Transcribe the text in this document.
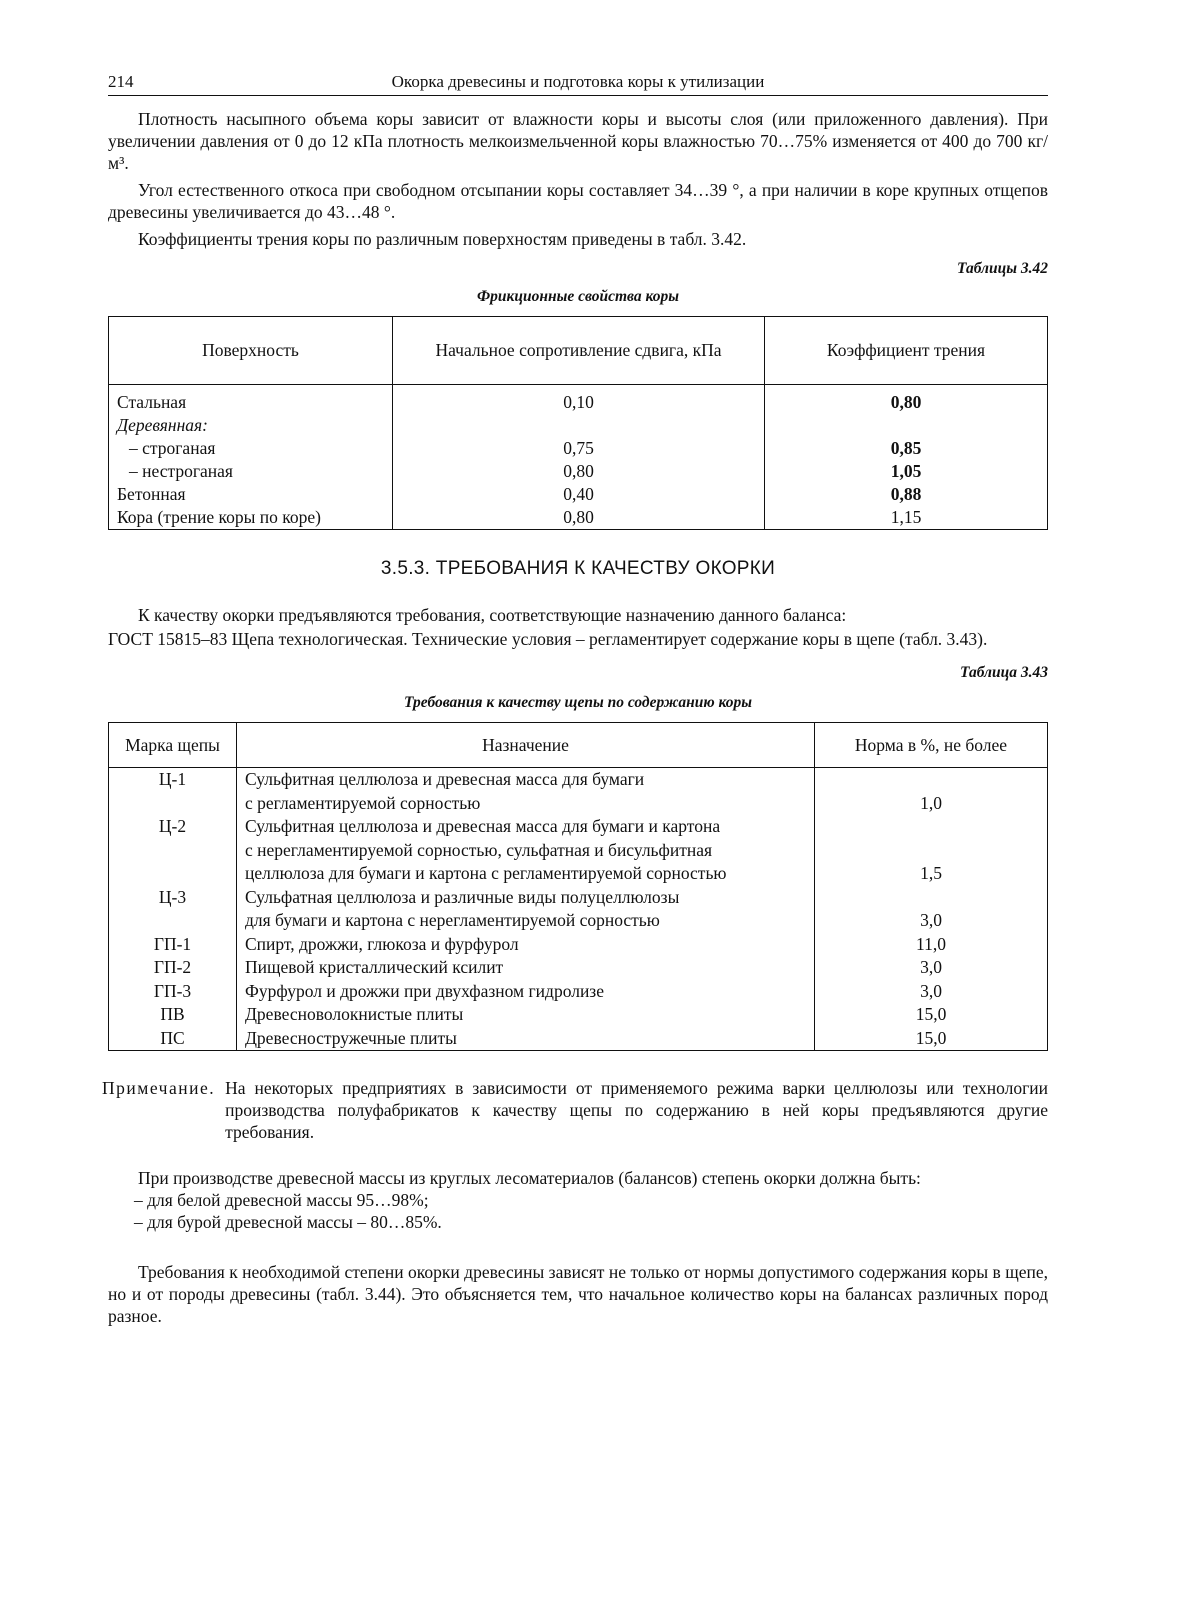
214	Окорка древесины и подготовка коры к утилизации

Плотность насыпного объема коры зависит от влажности коры и высоты слоя (или приложенного давления). При увеличении давления от 0 до 12 кПа плотность мелкоизмельченной коры влажностью 70…75% изменяется от 400 до 700 кг/м³.

Угол естественного откоса при свободном отсыпании коры составляет 34…39 °, а при наличии в коре крупных отщепов древесины увеличивается до 43…48 °.

Коэффициенты трения коры по различным поверхностям приведены в табл. 3.42.

Таблицы 3.42
Фрикционные свойства коры
Поверхность	Начальное сопротивление сдвига, кПа	Коэффициент трения

Стальная	0,10	0,80
Деревянная:		
– строганая	0,75	0,85
– нестроганая	0,80	1,05
Бетонная	0,40	0,88
Кора (трение коры по коре)	0,80	1,15
3.5.3. ТРЕБОВАНИЯ К КАЧЕСТВУ ОКОРКИ

К качеству окорки предъявляются требования, соответствующие назначению данного баланса:

ГОСТ 15815–83 Щепа технологическая. Технические условия – регламентирует содержание коры в щепе (табл. 3.43).

Таблица 3.43
Требования к качеству щепы по содержанию коры
Марка щепы	Назначение	Норма в %, не более
Ц-1	Сульфитная целлюлоза и древесная масса для бумаги	
	с регламентируемой сорностью	1,0
Ц-2	Сульфитная целлюлоза и древесная масса для бумаги и картона	
	с нерегламентируемой сорностью, сульфатная и бисульфитная	
	целлюлоза для бумаги и картона с регламентируемой сорностью	1,5
Ц-3	Сульфатная целлюлоза и различные виды полуцеллюлозы	
	для бумаги и картона с нерегламентируемой сорностью	3,0
ГП-1	Спирт, дрожжи, глюкоза и фурфурол	11,0
ГП-2	Пищевой кристаллический ксилит	3,0
ГП-3	Фурфурол и дрожжи при двухфазном гидролизе	3,0
ПВ	Древесноволокнистые плиты	15,0
ПС	Древесностружечные плиты	15,0
Примечание. На некоторых предприятиях в зависимости от применяемого режима варки целлюлозы или технологии производства полуфабрикатов к качеству щепы по содержанию в ней коры предъявляются другие требования.

При производстве древесной массы из круглых лесоматериалов (балансов) степень окорки должна быть:

– для белой древесной массы 95…98%;

– для бурой древесной массы – 80…85%.

Требования к необходимой степени окорки древесины зависят не только от нормы допустимого содержания коры в щепе, но и от породы древесины (табл. 3.44). Это объясняется тем, что начальное количество коры на балансах различных пород разное.
